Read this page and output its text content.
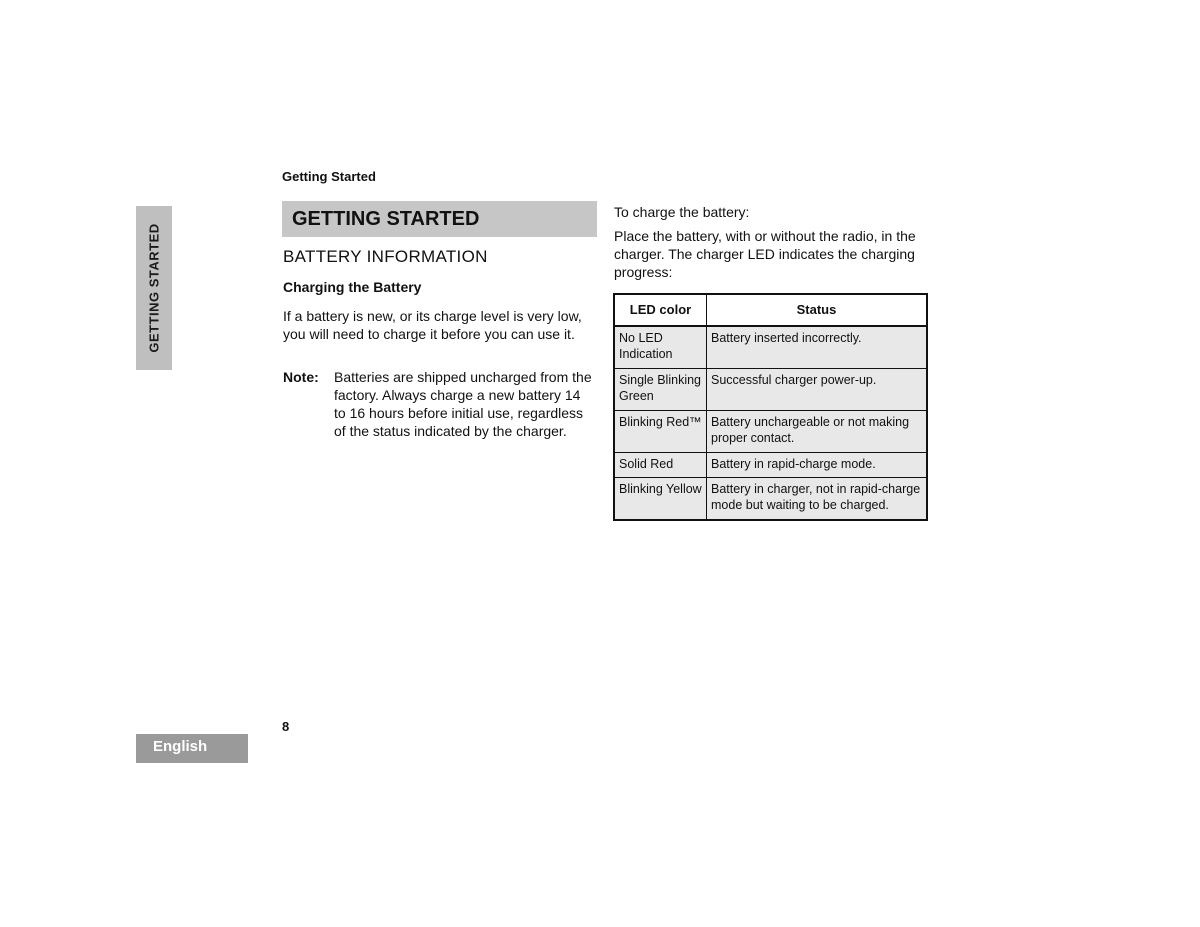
Getting Started
GETTING STARTED
GETTING STARTED
BATTERY INFORMATION
Charging the Battery
If a battery is new, or its charge level is very low, you will need to charge it before you can use it.
Note: Batteries are shipped uncharged from the factory. Always charge a new battery 14 to 16 hours before initial use, regardless of the status indicated by the charger.
To charge the battery:
Place the battery, with or without the radio, in the charger. The charger LED indicates the charging progress:
LED color	Status
No LED Indication	Battery inserted incorrectly.
Single Blinking Green	Successful charger power-up.
Blinking Red™	Battery unchargeable or not making proper contact.
Solid Red	Battery in rapid-charge mode.
Blinking Yellow	Battery in charger, not in rapid-charge mode but waiting to be charged.
8
English
